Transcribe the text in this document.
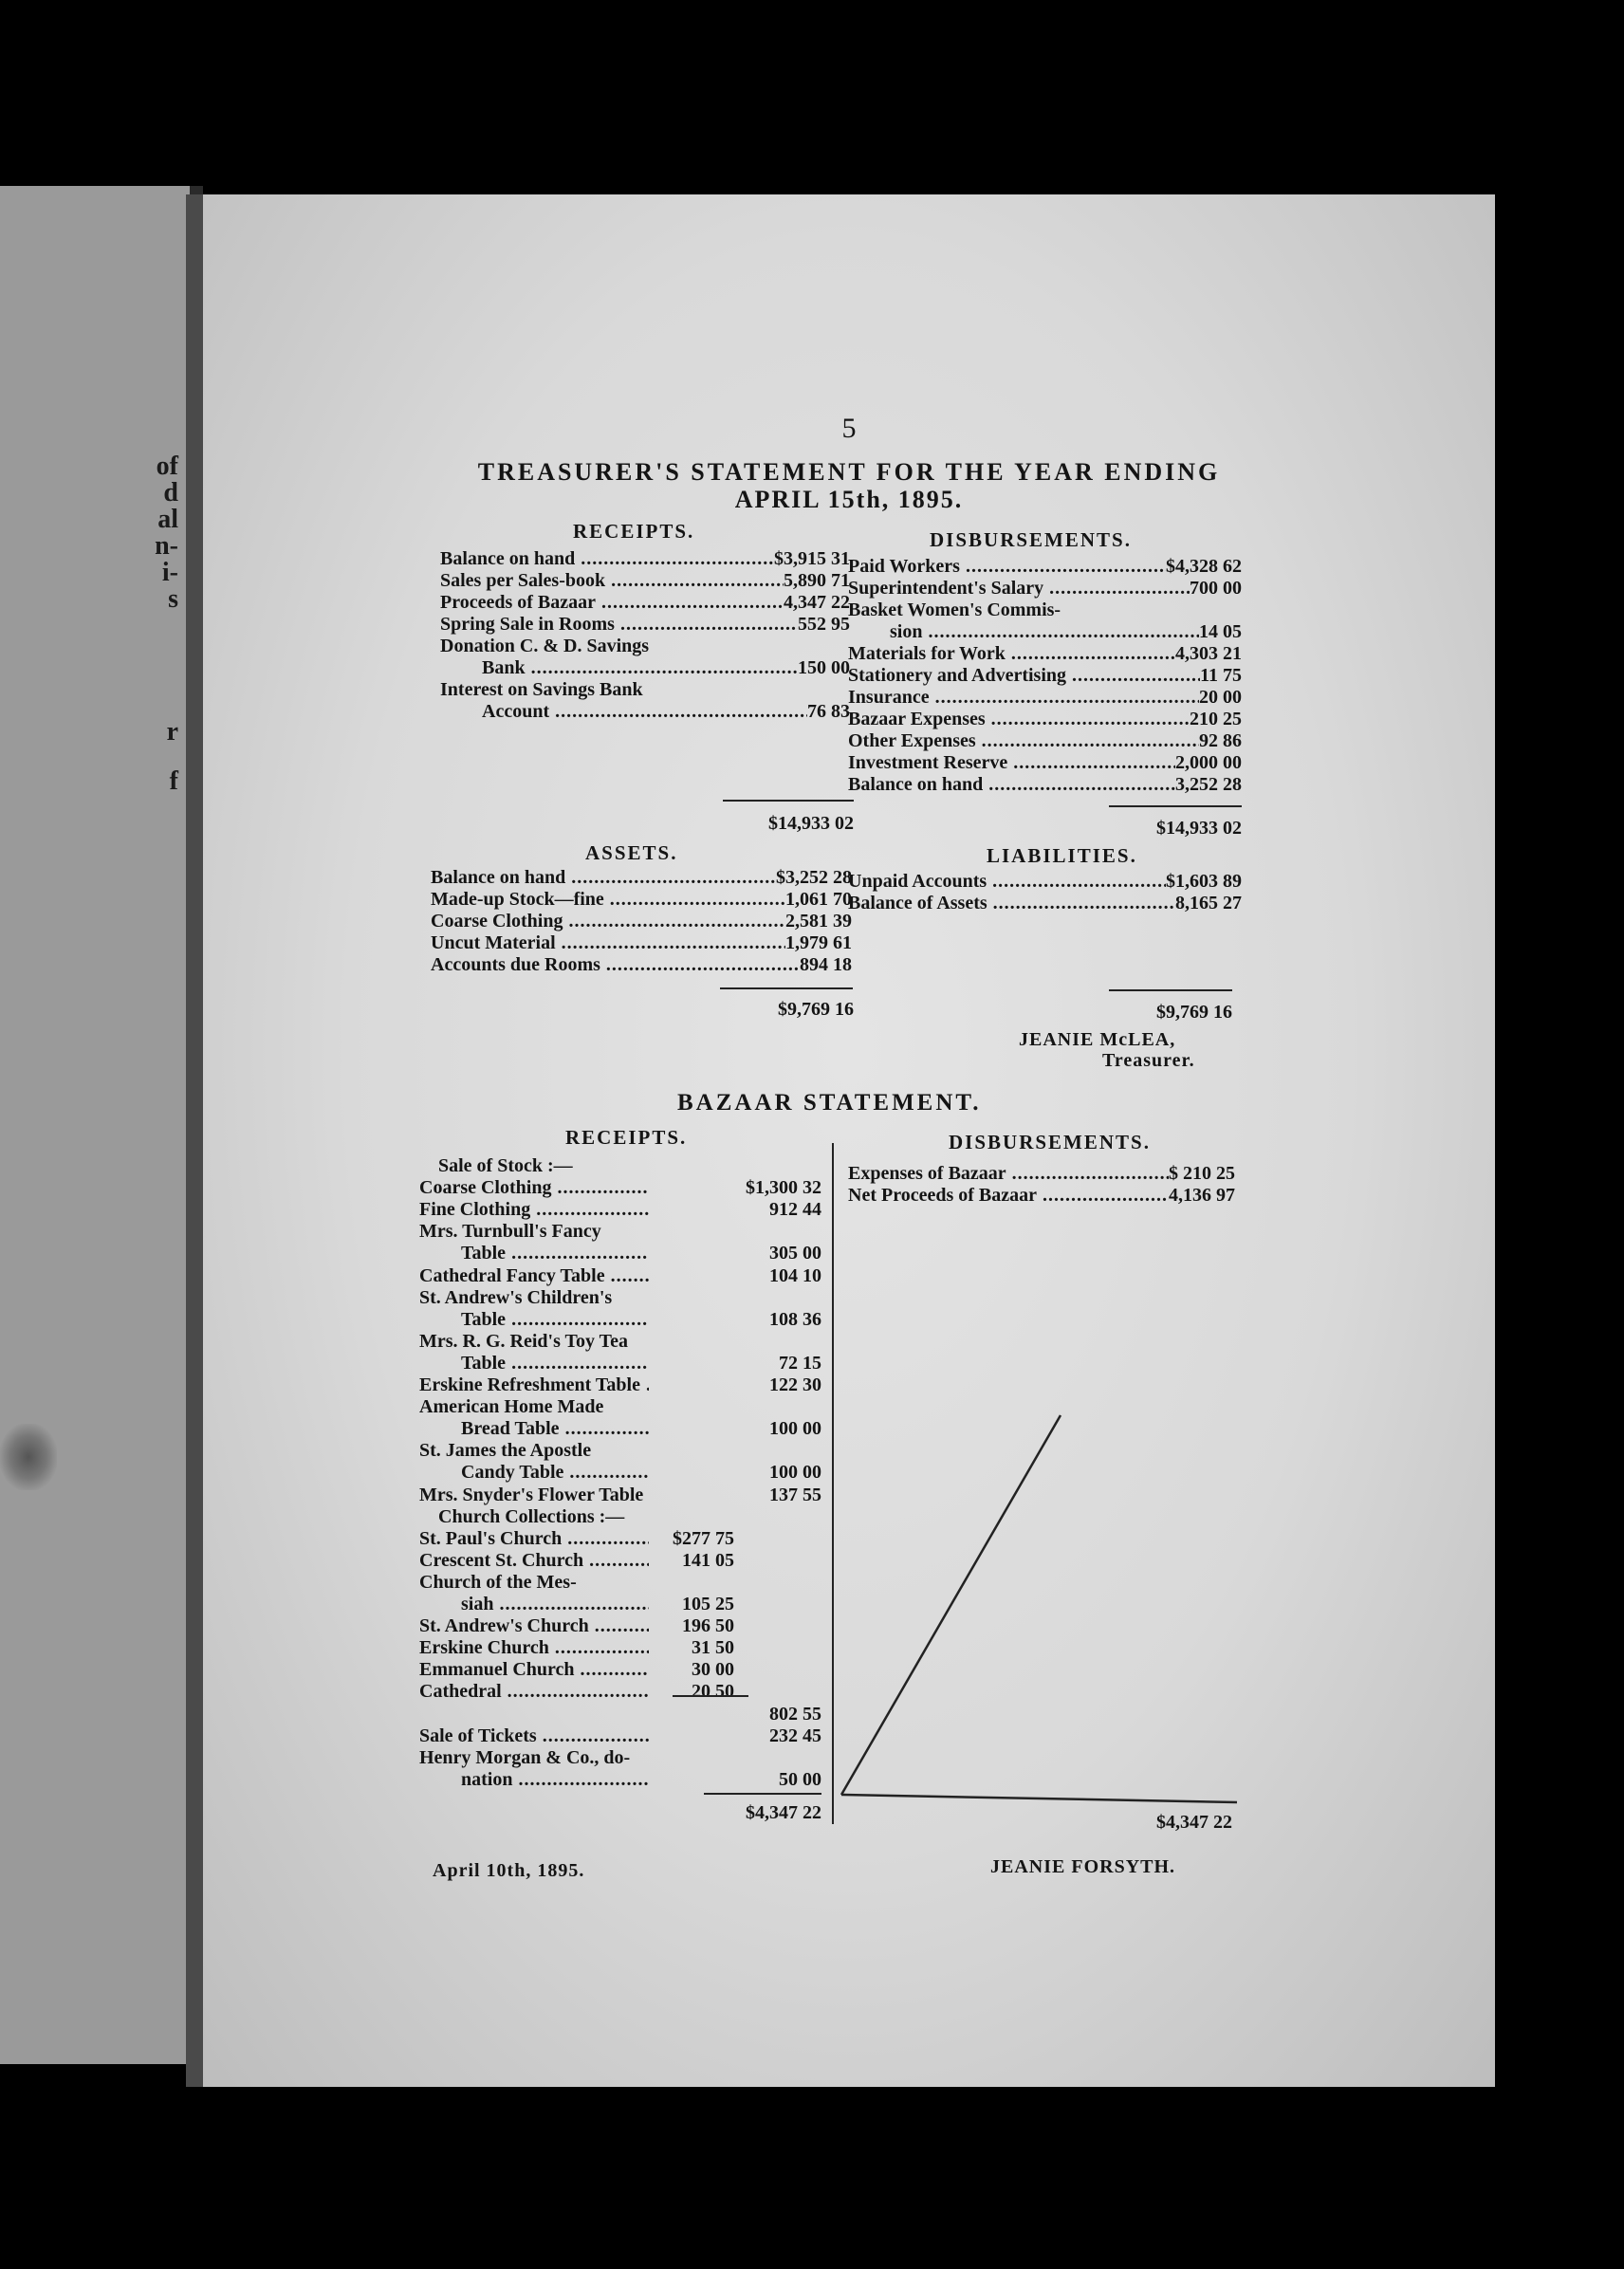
of
d
al
n-
i-
s
r
f
5
TREASURER'S STATEMENT FOR THE YEAR ENDING
APRIL 15th, 1895.
RECEIPTS.
Balance on hand .....	$3,915 31
Sales per Sales-book .....	5,890 71
Proceeds of Bazaar .....	4,347 22
Spring Sale in Rooms .....	552 95
Donation C. & D. Savings
Bank .....	150 00
Interest on Savings Bank
Account .....	76 83
$14,933 02
DISBURSEMENTS.
Paid Workers .....	$4,328 62
Superintendent's Salary .....	700 00
Basket Women's Commis-
sion .....	14 05
Materials for Work .....	4,303 21
Stationery and Advertising .....	11 75
Insurance .....	20 00
Bazaar Expenses .....	210 25
Other Expenses .....	92 86
Investment Reserve .....	2,000 00
Balance on hand .....	3,252 28
$14,933 02
ASSETS.
Balance on hand .....	$3,252 28
Made-up Stock—fine .....	1,061 70
Coarse Clothing .....	2,581 39
Uncut Material .....	1,979 61
Accounts due Rooms .....	894 18
$9,769 16
LIABILITIES.
Unpaid Accounts .....	$1,603 89
Balance of Assets .....	8,165 27
$9,769 16
JEANIE McLEA,
Treasurer.
BAZAAR STATEMENT.
RECEIPTS.	DISBURSEMENTS.
Sale of Stock :—
Coarse Clothing .....	$1,300 32
Fine Clothing .....	912 44
Mrs. Turnbull's Fancy
Table .....	305 00
Cathedral Fancy Table .....	104 10
St. Andrew's Children's
Table .....	108 36
Mrs. R. G. Reid's Toy Tea
Table .....	72 15
Erskine Refreshment Table .....	122 30
American Home Made
Bread Table .....	100 00
St. James the Apostle
Candy Table .....	100 00
Mrs. Snyder's Flower Table .....	137 55
Church Collections :—
St. Paul's Church .....	$277 75
Crescent St. Church .....	141 05
Church of the Mes-
siah .....	105 25
St. Andrew's Church .....	196 50
Erskine Church .....	31 50
Emmanuel Church .....	30 00
Cathedral .....	20 50
802 55
Sale of Tickets .....	232 45
Henry Morgan & Co., do-
nation .....	50 00
$4,347 22
Expenses of Bazaar .....	$ 210 25
Net Proceeds of Bazaar .....	4,136 97
$4,347 22
April 10th, 1895.	JEANIE FORSYTH.
